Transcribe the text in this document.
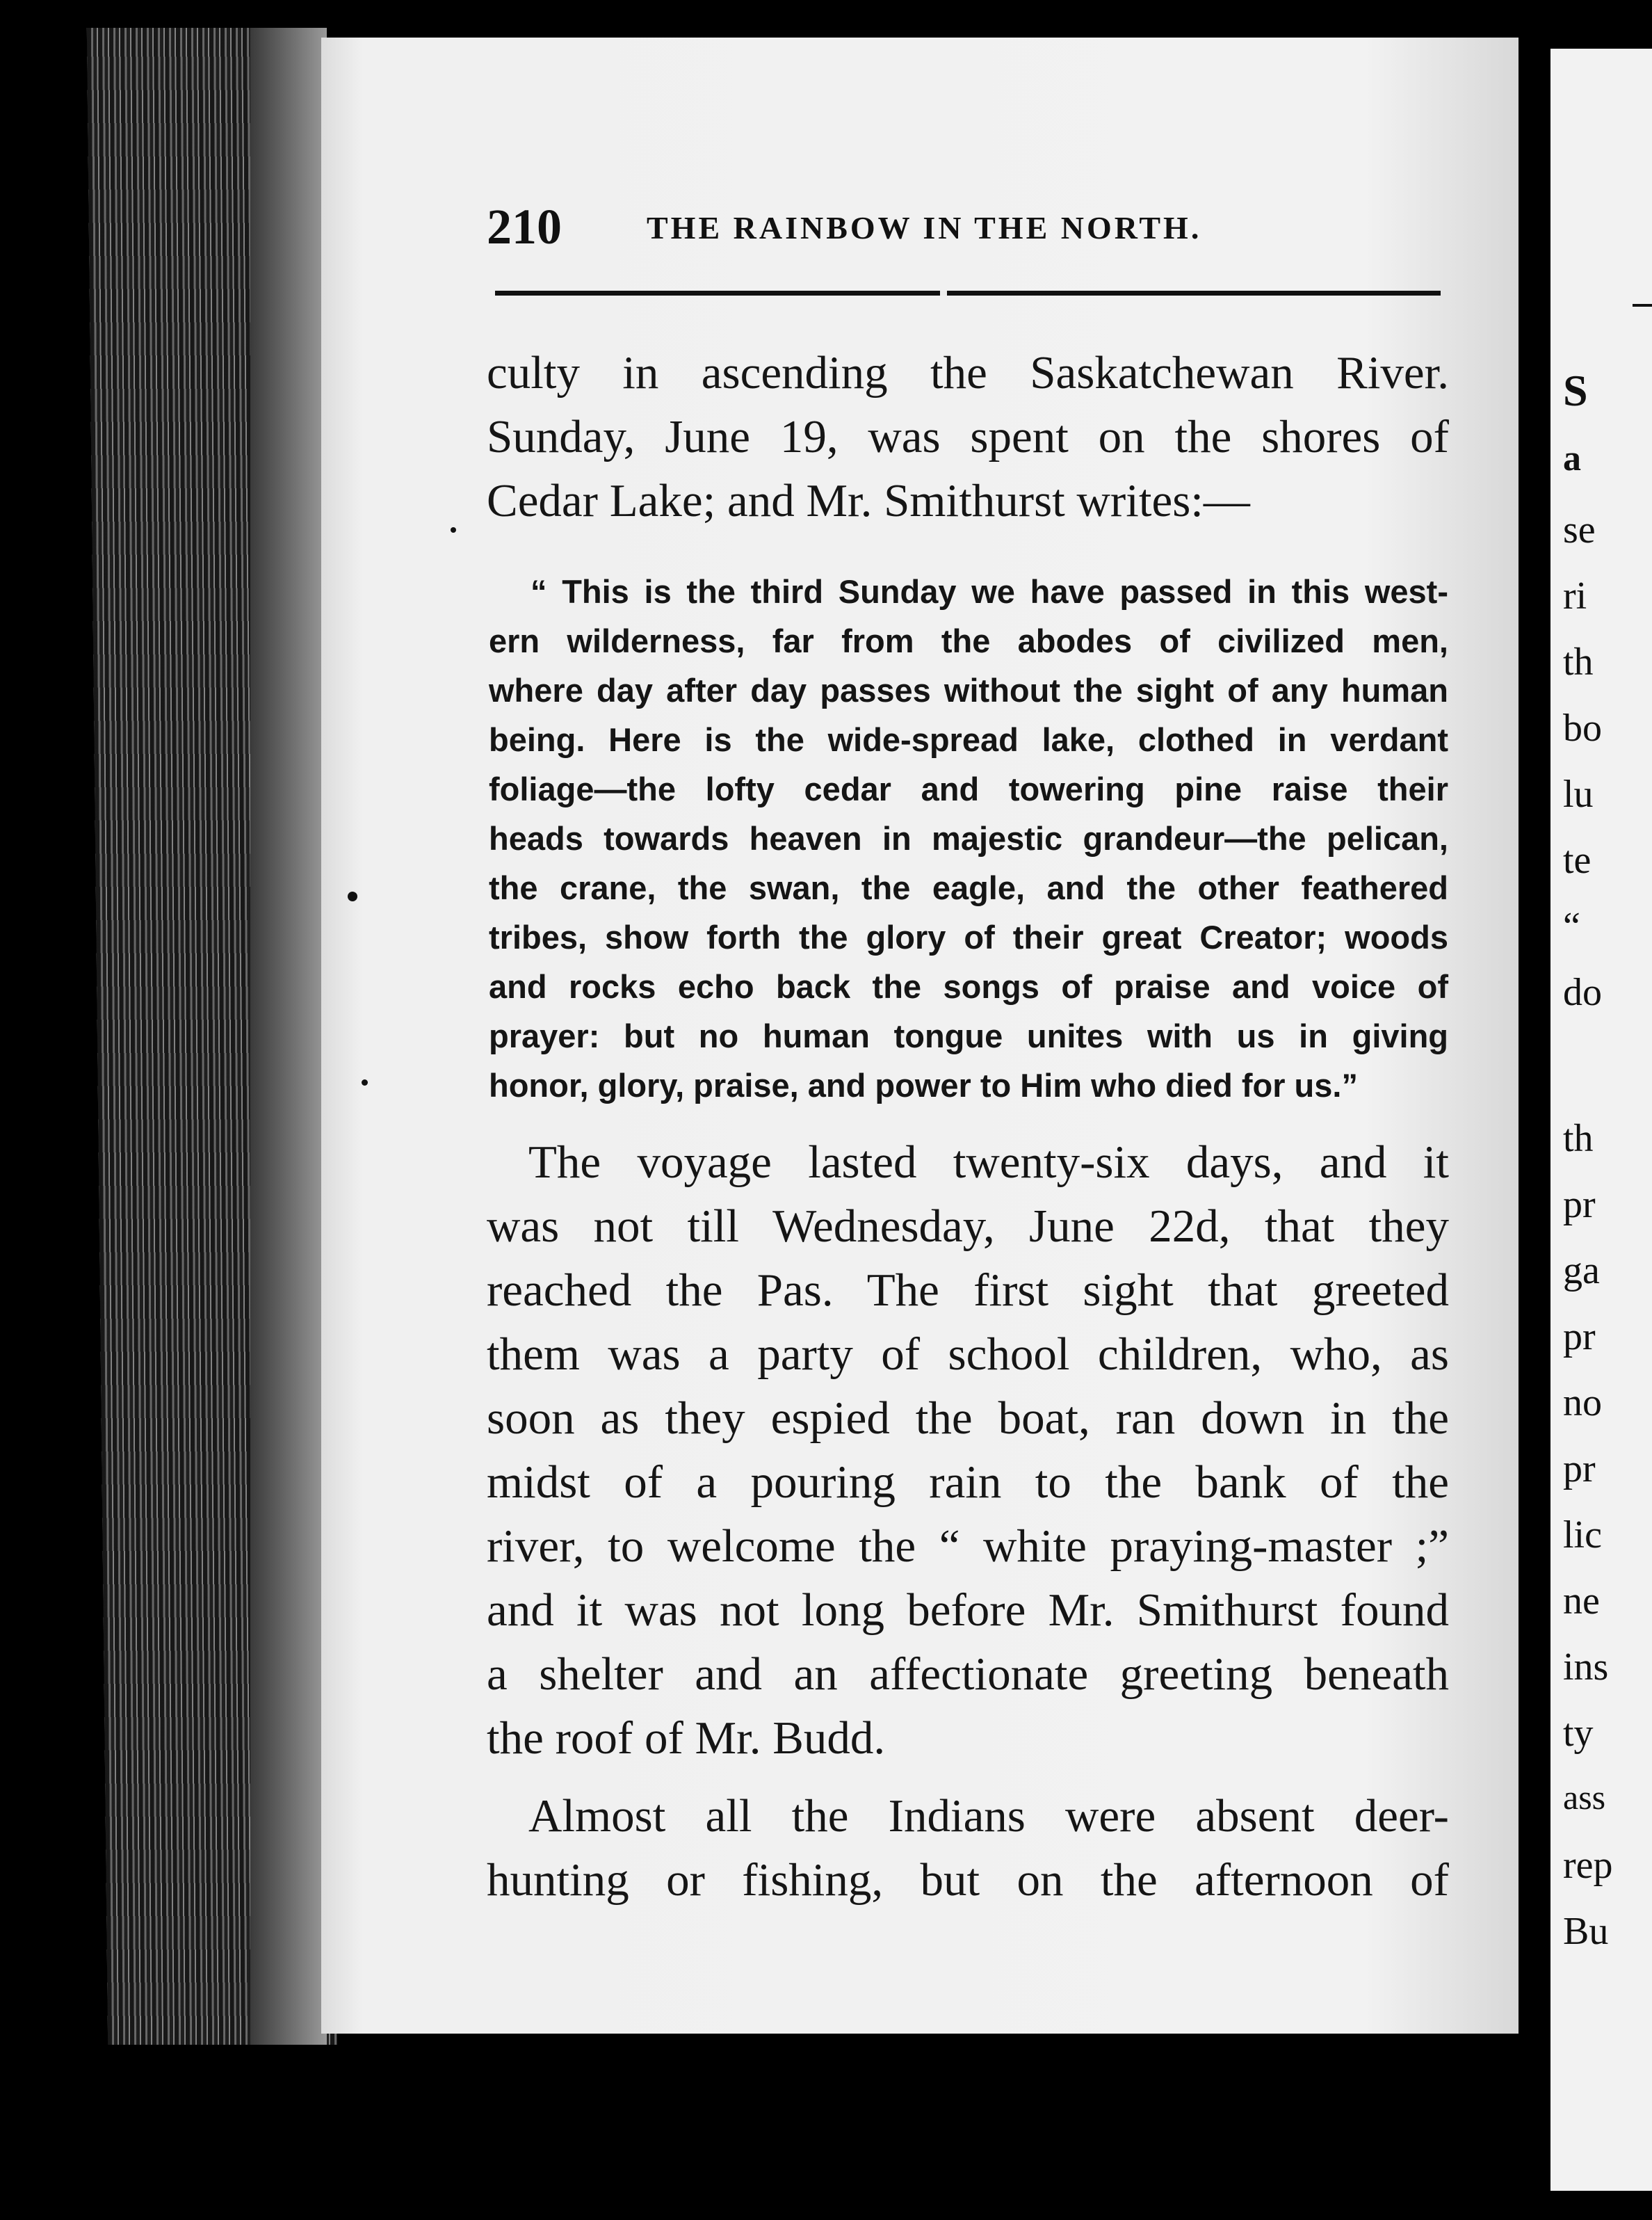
S
a
se
ri
th
bo
lu
te
“
do
th
pr
ga
pr
no
pr
lic
ne
ins
ty
ass
rep
Bu
210	THE RAINBOW IN THE NORTH.
culty in ascending the Saskatchewan River.
Sunday, June 19, was spent on the shores of
Cedar Lake; and Mr. Smithurst writes:—
“ This is the third Sunday we have passed in this west-
ern wilderness, far from the abodes of civilized men,
where day after day passes without the sight of any human
being. Here is the wide-spread lake, clothed in verdant
foliage—the lofty cedar and towering pine raise their
heads towards heaven in majestic grandeur—the pelican,
the crane, the swan, the eagle, and the other feathered
tribes, show forth the glory of their great Creator; woods
and rocks echo back the songs of praise and voice of
prayer: but no human tongue unites with us in giving
honor, glory, praise, and power to Him who died for us.”
The voyage lasted twenty-six days, and it
was not till Wednesday, June 22d, that they
reached the Pas. The first sight that greeted
them was a party of school children, who, as
soon as they espied the boat, ran down in the
midst of a pouring rain to the bank of the
river, to welcome the “ white praying-master ;”
and it was not long before Mr. Smithurst found
a shelter and an affectionate greeting beneath
the roof of Mr. Budd.
Almost all the Indians were absent deer-
hunting or fishing, but on the afternoon of
